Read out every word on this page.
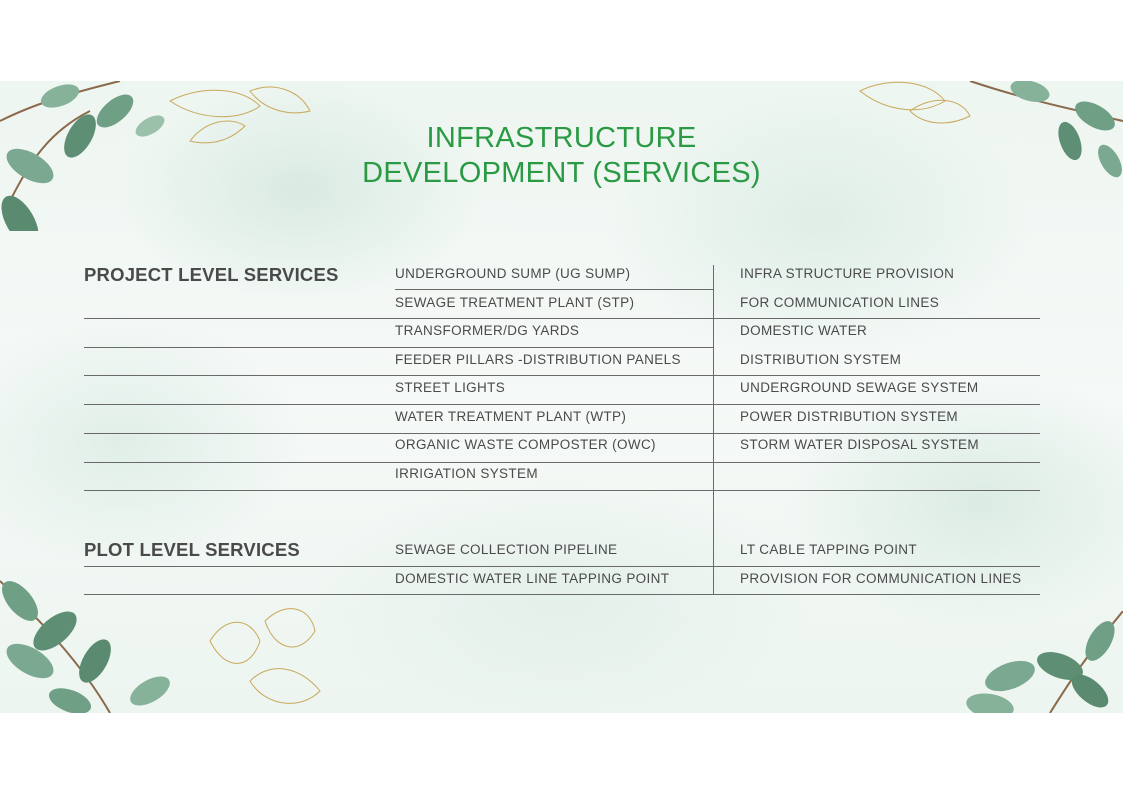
INFRASTRUCTURE
DEVELOPMENT (SERVICES)
PROJECT LEVEL SERVICES
PLOT LEVEL SERVICES
UNDERGROUND SUMP (UG SUMP)
SEWAGE TREATMENT PLANT (STP)
TRANSFORMER/DG YARDS
FEEDER PILLARS -DISTRIBUTION PANELS
STREET LIGHTS
WATER TREATMENT PLANT (WTP)
ORGANIC WASTE COMPOSTER (OWC)
IRRIGATION SYSTEM
INFRA STRUCTURE PROVISION
FOR COMMUNICATION LINES
DOMESTIC WATER
DISTRIBUTION SYSTEM
UNDERGROUND SEWAGE SYSTEM
POWER DISTRIBUTION SYSTEM
STORM WATER DISPOSAL SYSTEM
SEWAGE COLLECTION PIPELINE
DOMESTIC WATER LINE TAPPING POINT
LT CABLE TAPPING POINT
PROVISION FOR COMMUNICATION LINES
